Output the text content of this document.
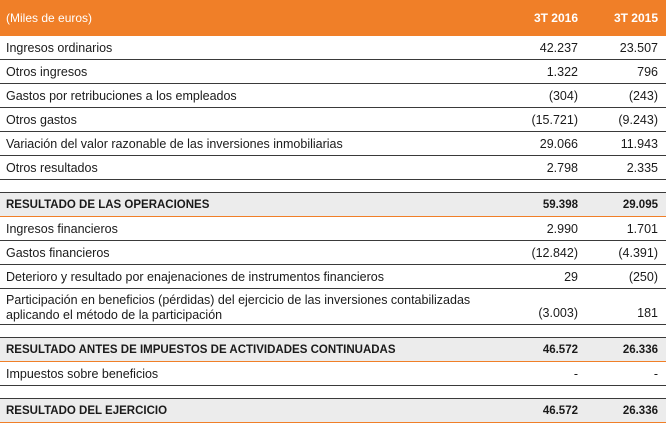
(Miles de euros)	3T 2016	3T 2015
Ingresos ordinarios	42.237	23.507
Otros ingresos	1.322	796
Gastos por retribuciones a los empleados	(304)	(243)
Otros gastos	(15.721)	(9.243)
Variación del valor razonable de las inversiones inmobiliarias	29.066	11.943
Otros resultados	2.798	2.335
RESULTADO DE LAS OPERACIONES	59.398	29.095
Ingresos financieros	2.990	1.701
Gastos financieros	(12.842)	(4.391)
Deterioro y resultado por enajenaciones de instrumentos financieros	29	(250)
Participación en beneficios (pérdidas) del ejercicio de las inversiones contabilizadas
aplicando el método de la participación	(3.003)	181
RESULTADO ANTES DE IMPUESTOS DE ACTIVIDADES CONTINUADAS	46.572	26.336
Impuestos sobre beneficios	-	-
RESULTADO DEL EJERCICIO	46.572	26.336
